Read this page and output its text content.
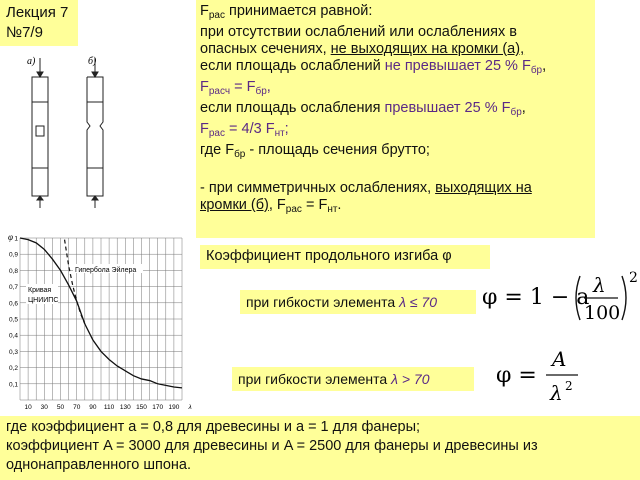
Лекция 7
№7/9
а)	б)

$F_{рас}$ принимается равной:

при отсутствии ослаблений или ослаблениях в

опасных сечениях, не выходящих на кромки (а),

если площадь ослаблений не превышает 25 % $F_{бр}$,

$F_{расч} = F_{бр}$,

если площадь ослабления превышает 25 % $F_{бр}$,

$F_{рас} = 4/3$ $F_{нт}$;

где $F_{бр}$ - площадь сечения брутто;

- при симметричных ослаблениях, выходящих на

кромки (б), $F_{рас} = F_{нт}$.

φ 1
0,9
0,8
0,7
0,6
0,5
0,4
0,3
0,2
0,1
10 30 50 70 90 110 130 150 170 190 λ
Гипербола Эйлера
Кривая
ЦНИИПС
Коэффициент продольного изгиба φ
при гибкости элемента λ ≤ 70
при гибкости элемента λ > 70
φ = 1 − a λ
100
2
φ =
A
λ 2

где коэффициент a = 0,8 для древесины и a = 1 для фанеры;

коэффициент A = 3000 для древесины и A = 2500 для фанеры и древесины из

однонаправленного шпона.
